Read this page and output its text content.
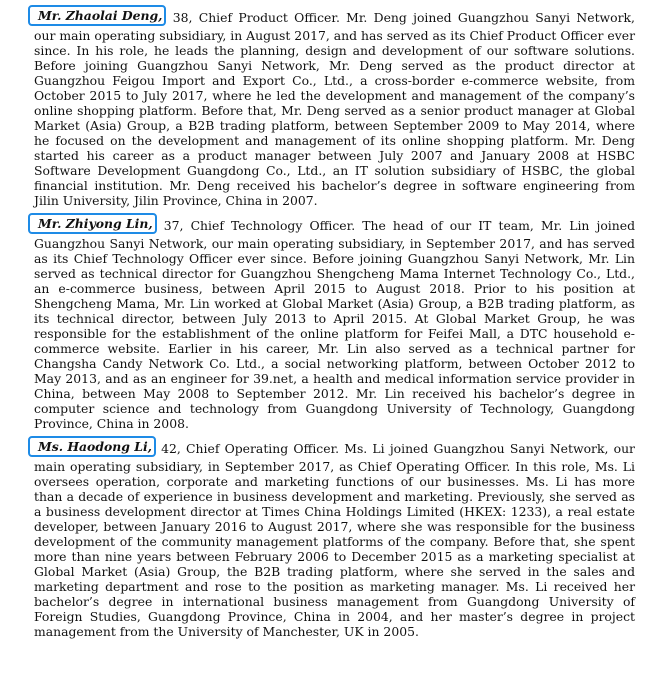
Mr. Zhaolai Deng, 38, Chief Product Officer. Mr. Deng joined Guangzhou Sanyi Network, our main operating subsidiary, in August 2017, and has served as its Chief Product Officer ever since. In his role, he leads the planning, design and development of our software solutions. Before joining Guangzhou Sanyi Network, Mr. Deng served as the product director at Guangzhou Feigou Import and Export Co., Ltd., a cross-border e-commerce website, from October 2015 to July 2017, where he led the development and management of the company’s online shopping platform. Before that, Mr. Deng served as a senior product manager at Global Market (Asia) Group, a B2B trading platform, between September 2009 to May 2014, where he focused on the development and management of its online shopping platform. Mr. Deng started his career as a product manager between July 2007 and January 2008 at HSBC Software Development Guangdong Co., Ltd., an IT solution subsidiary of HSBC, the global financial institution. Mr. Deng received his bachelor’s degree in software engineering from Jilin University, Jilin Province, China in 2007.

Mr. Zhiyong Lin, 37, Chief Technology Officer. The head of our IT team, Mr. Lin joined Guangzhou Sanyi Network, our main operating subsidiary, in September 2017, and has served as its Chief Technology Officer ever since. Before joining Guangzhou Sanyi Network, Mr. Lin served as technical director for Guangzhou Shengcheng Mama Internet Technology Co., Ltd., an e-commerce business, between April 2015 to August 2018. Prior to his position at Shengcheng Mama, Mr. Lin worked at Global Market (Asia) Group, a B2B trading platform, as its technical director, between July 2013 to April 2015. At Global Market Group, he was responsible for the establishment of the online platform for Feifei Mall, a DTC household e-commerce website. Earlier in his career, Mr. Lin also served as a technical partner for Changsha Candy Network Co. Ltd., a social networking platform, between October 2012 to May 2013, and as an engineer for 39.net, a health and medical information service provider in China, between May 2008 to September 2012. Mr. Lin received his bachelor’s degree in computer science and technology from Guangdong University of Technology, Guangdong Province, China in 2008.

Ms. Haodong Li, 42, Chief Operating Officer. Ms. Li joined Guangzhou Sanyi Network, our main operating subsidiary, in September 2017, as Chief Operating Officer. In this role, Ms. Li oversees operation, corporate and marketing functions of our businesses. Ms. Li has more than a decade of experience in business development and marketing. Previously, she served as a business development director at Times China Holdings Limited (HKEX: 1233), a real estate developer, between January 2016 to August 2017, where she was responsible for the business development of the community management platforms of the company. Before that, she spent more than nine years between February 2006 to December 2015 as a marketing specialist at Global Market (Asia) Group, the B2B trading platform, where she served in the sales and marketing department and rose to the position as marketing manager. Ms. Li received her bachelor’s degree in international business management from Guangdong University of Foreign Studies, Guangdong Province, China in 2004, and her master’s degree in project management from the University of Manchester, UK in 2005.
